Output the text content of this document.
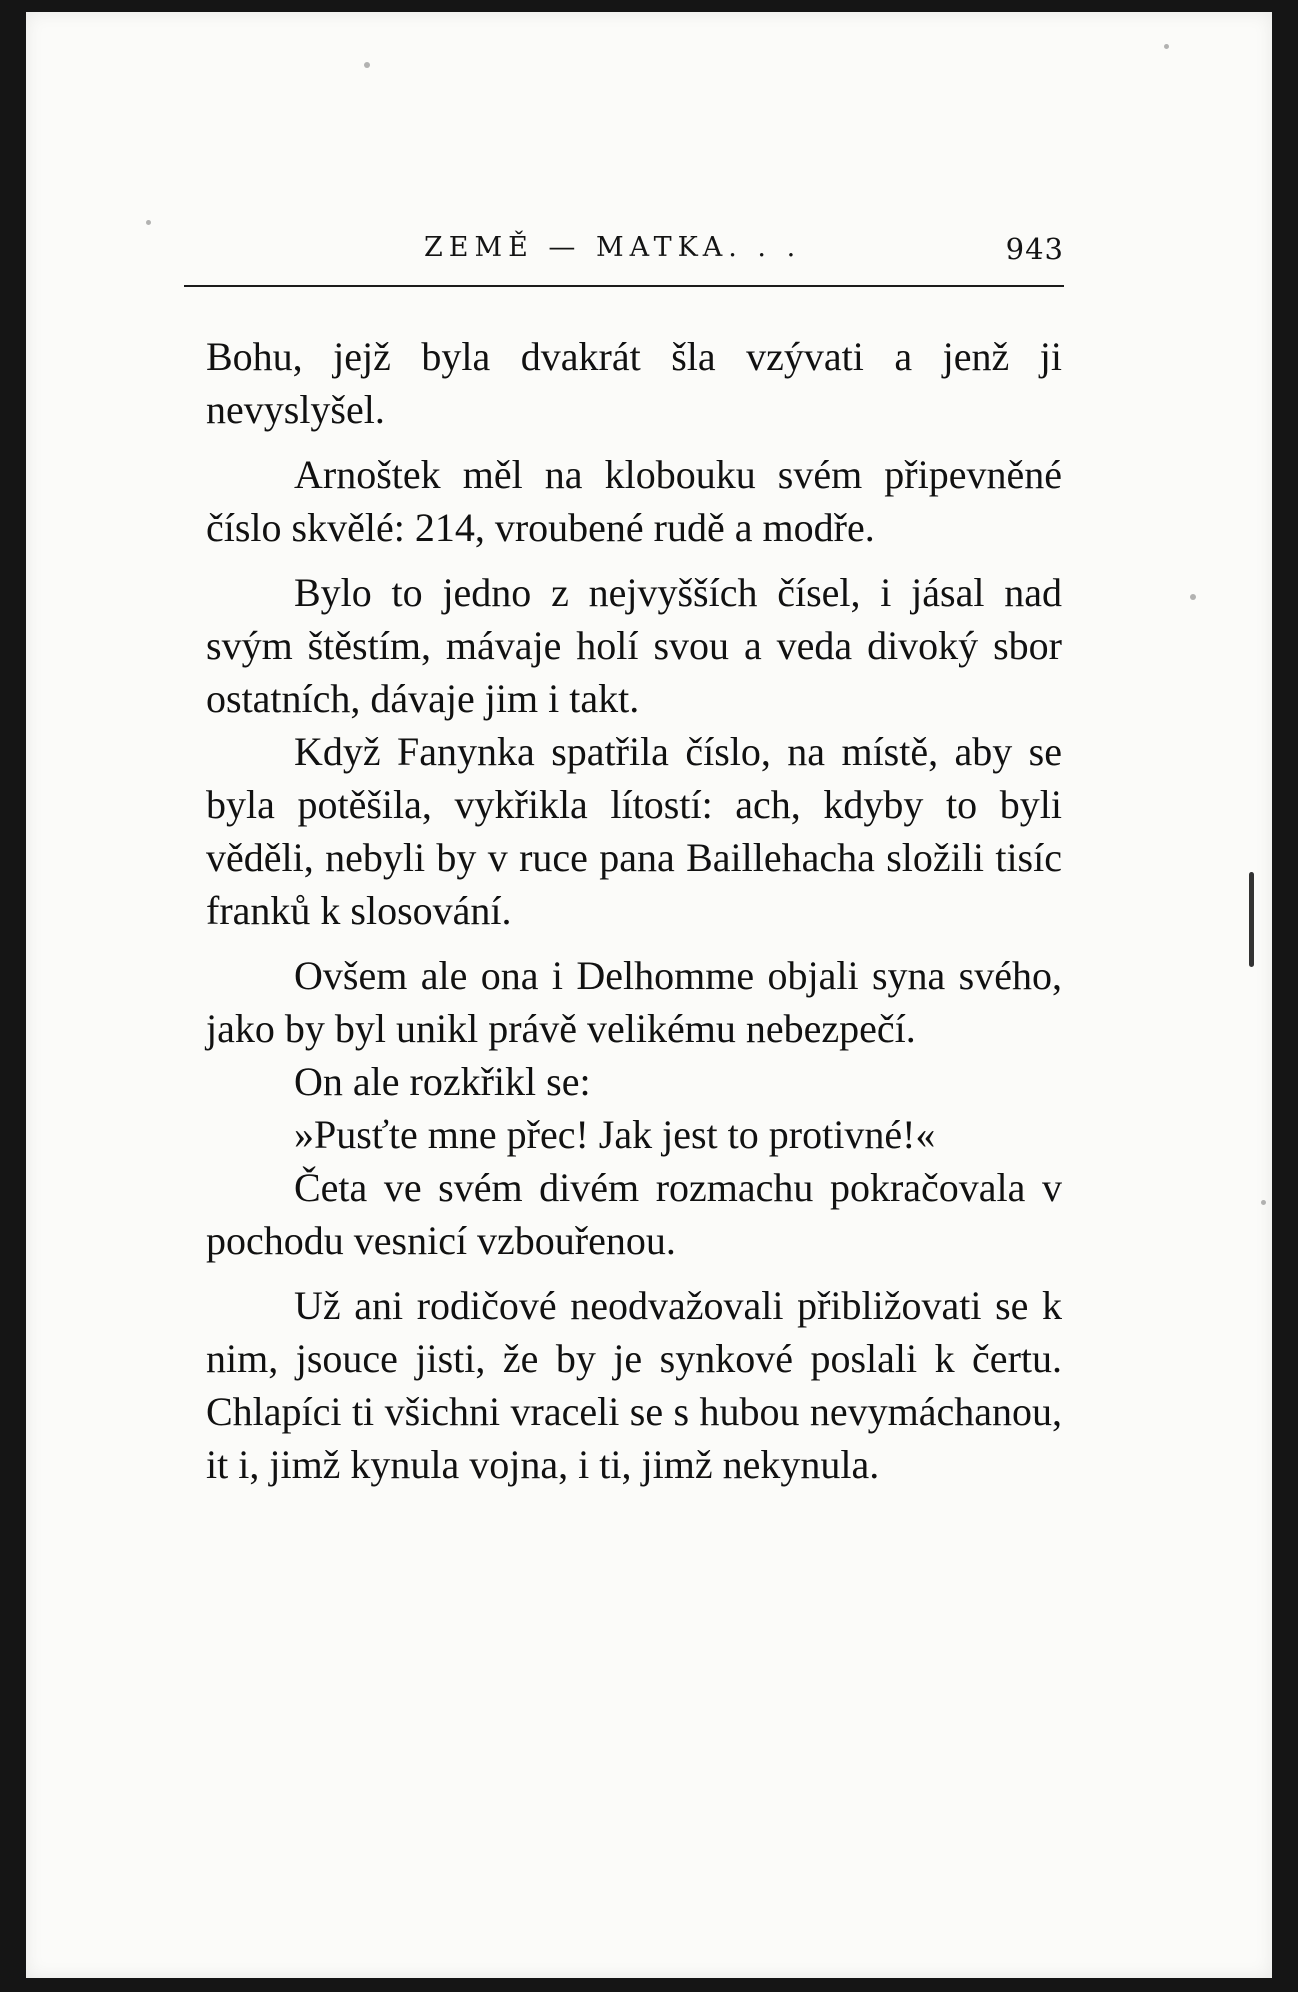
ZEMĚ — MATKA. . .	943

Bohu, jejž byla dvakrát šla vzývati a jenž ji nevyslyšel.

Arnoštek měl na klobouku svém připevněné číslo skvělé: 214, vroubené rudě a modře.

Bylo to jedno z nejvyšších čísel, i jásal nad svým štěstím, mávaje holí svou a veda divoký sbor ostatních, dávaje jim i takt.

Když Fanynka spatřila číslo, na místě, aby se byla potěšila, vykřikla lítostí: ach, kdyby to byli věděli, nebyli by v ruce pana Baillehacha složili tisíc franků k slosování.

Ovšem ale ona i Delhomme objali syna svého, jako by byl unikl právě velikému nebezpečí.

On ale rozkřikl se:

»Pusťte mne přec! Jak jest to protivné!«

Četa ve svém divém rozmachu pokračovala v pochodu vesnicí vzbouřenou.

Už ani rodičové neodvažovali přibližovati se k nim, jsouce jisti, že by je synkové poslali k čertu. Chlapíci ti všichni vraceli se s hubou nevymáchanou, it i, jimž kynula vojna, i ti, jimž nekynula.
